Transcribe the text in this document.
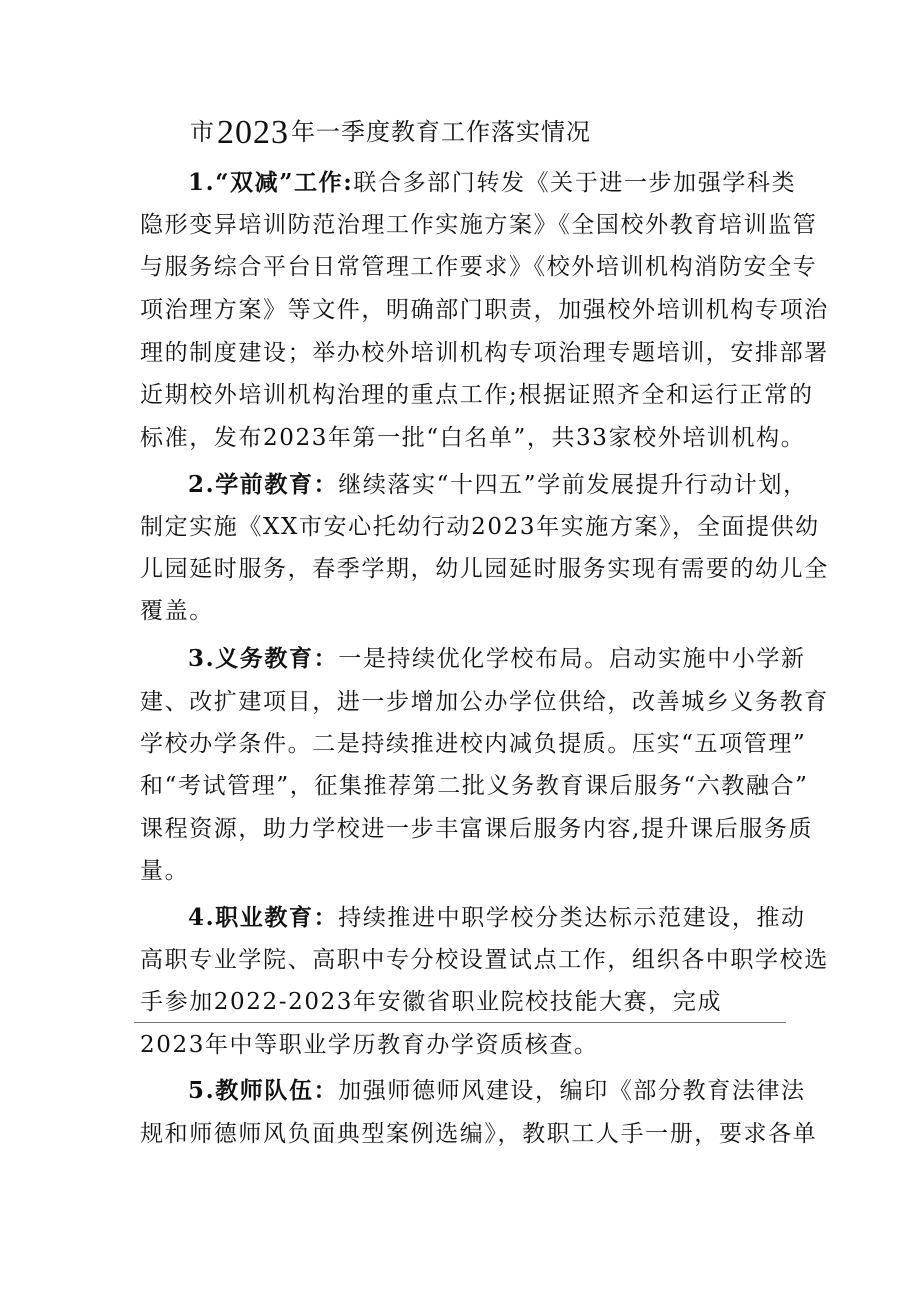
市2023年一季度教育工作落实情况
1.“双减”工作:联合多部门转发《关于进一步加强学科类
隐形变异培训防范治理工作实施方案》《全国校外教育培训监管
与服务综合平台日常管理工作要求》《校外培训机构消防安全专
项治理方案》等文件，明确部门职责，加强校外培训机构专项治
理的制度建设；举办校外培训机构专项治理专题培训，安排部署
近期校外培训机构治理的重点工作;根据证照齐全和运行正常的
标准，发布2023年第一批“白名单”，共33家校外培训机构。
2.学前教育：继续落实“十四五”学前发展提升行动计划，
制定实施《XX市安心托幼行动2023年实施方案》，全面提供幼
儿园延时服务，春季学期，幼儿园延时服务实现有需要的幼儿全
覆盖。
3.义务教育：一是持续优化学校布局。启动实施中小学新
建、改扩建项目，进一步增加公办学位供给，改善城乡义务教育
学校办学条件。二是持续推进校内减负提质。压实“五项管理”
和“考试管理”，征集推荐第二批义务教育课后服务“六教融合”
课程资源，助力学校进一步丰富课后服务内容,提升课后服务质
量。
4.职业教育：持续推进中职学校分类达标示范建设，推动
高职专业学院、高职中专分校设置试点工作，组织各中职学校选
手参加2022-2023年安徽省职业院校技能大赛，完成
2023年中等职业学历教育办学资质核查。
5.教师队伍：加强师德师风建设，编印《部分教育法律法
规和师德师风负面典型案例选编》，教职工人手一册，要求各单
